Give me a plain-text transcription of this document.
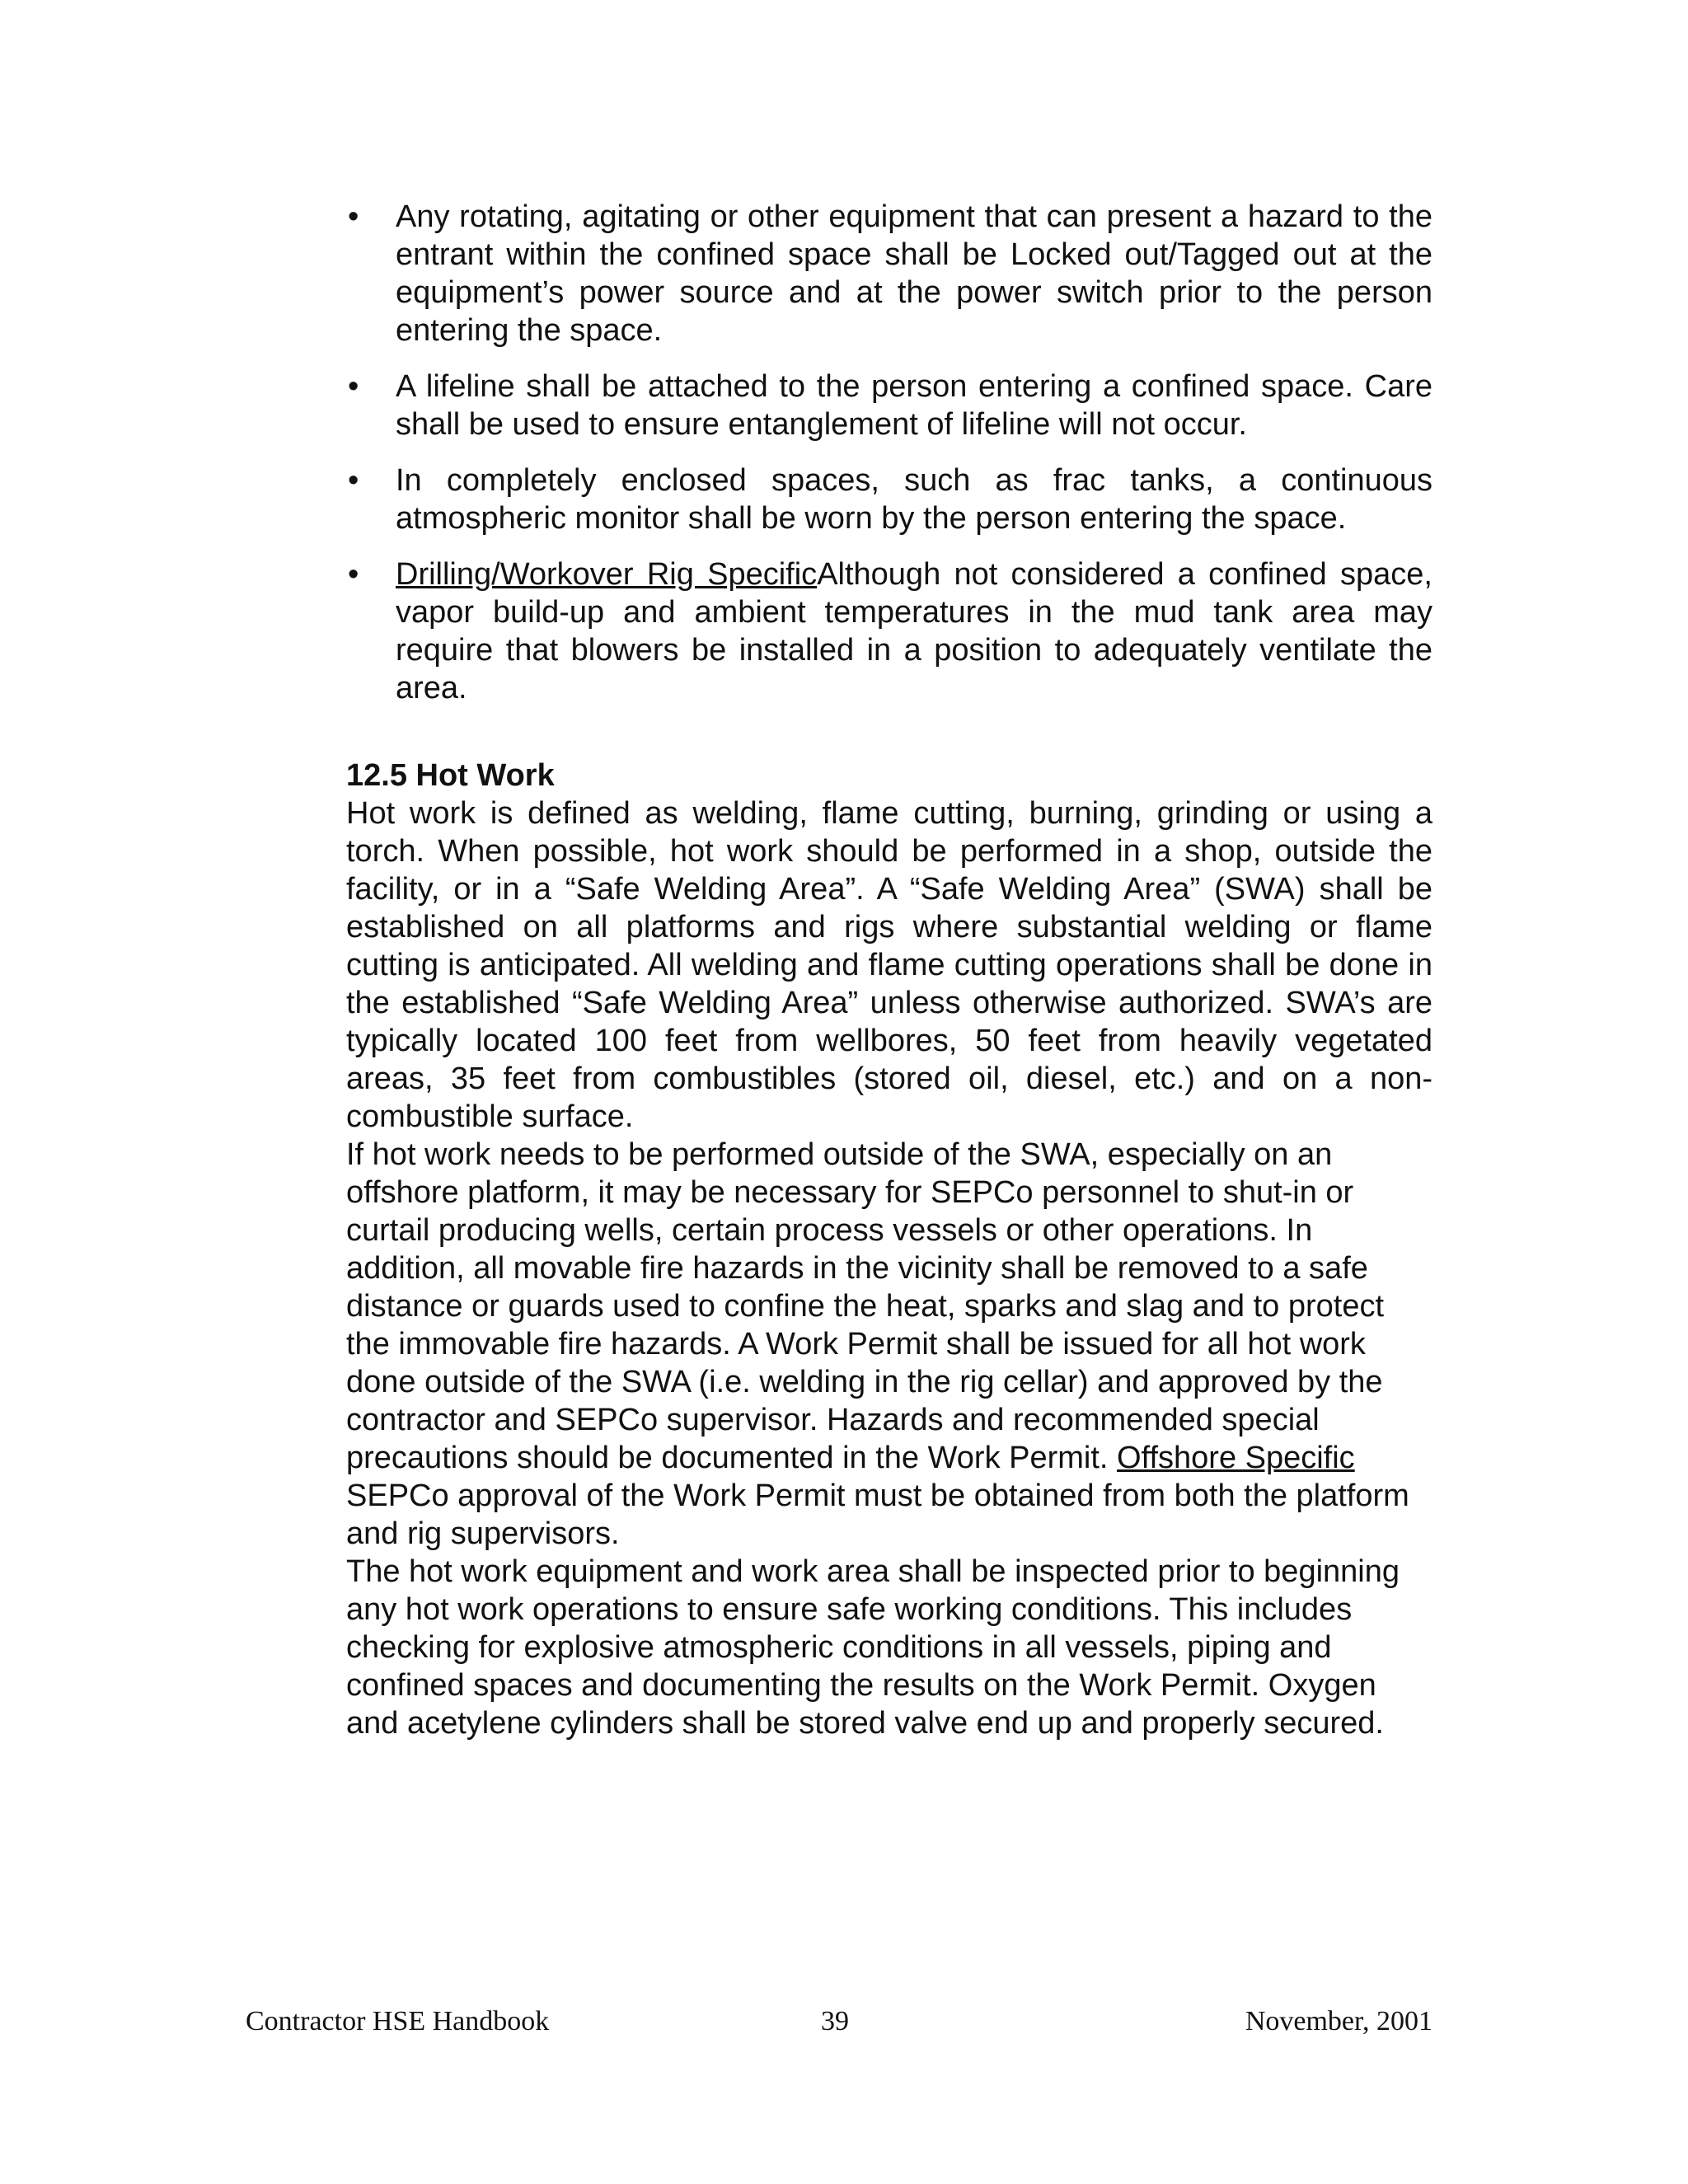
• Any rotating, agitating or other equipment that can present a hazard to the entrant within the confined space shall be Locked out/Tagged out at the equipment’s power source and at the power switch prior to the person entering the space.
• A lifeline shall be attached to the person entering a confined space. Care shall be used to ensure entanglement of lifeline will not occur.
• In completely enclosed spaces, such as frac tanks, a continuous atmospheric monitor shall be worn by the person entering the space.
• Drilling/Workover Rig SpecificAlthough not considered a confined space, vapor build-up and ambient temperatures in the mud tank area may require that blowers be installed in a position to adequately ventilate the area.
12.5 Hot Work

Hot work is defined as welding, flame cutting, burning, grinding or using a torch. When possible, hot work should be performed in a shop, outside the facility, or in a “Safe Welding Area”. A “Safe Welding Area” (SWA) shall be established on all platforms and rigs where substantial welding or flame cutting is anticipated. All welding and flame cutting operations shall be done in the established “Safe Welding Area” unless otherwise authorized. SWA’s are typically located 100 feet from wellbores, 50 feet from heavily vegetated areas, 35 feet from combustibles (stored oil, diesel, etc.) and on a non-combustible surface.

If hot work needs to be performed outside of the SWA, especially on an offshore platform, it may be necessary for SEPCo personnel to shut-in or curtail producing wells, certain process vessels or other operations. In addition, all movable fire hazards in the vicinity shall be removed to a safe distance or guards used to confine the heat, sparks and slag and to protect the immovable fire hazards. A Work Permit shall be issued for all hot work done outside of the SWA (i.e. welding in the rig cellar) and approved by the contractor and SEPCo supervisor. Hazards and recommended special precautions should be documented in the Work Permit. Offshore Specific SEPCo approval of the Work Permit must be obtained from both the platform and rig supervisors.

The hot work equipment and work area shall be inspected prior to beginning any hot work operations to ensure safe working conditions. This includes checking for explosive atmospheric conditions in all vessels, piping and confined spaces and documenting the results on the Work Permit. Oxygen and acetylene cylinders shall be stored valve end up and properly secured.

Contractor HSE Handbook	39	November, 2001
